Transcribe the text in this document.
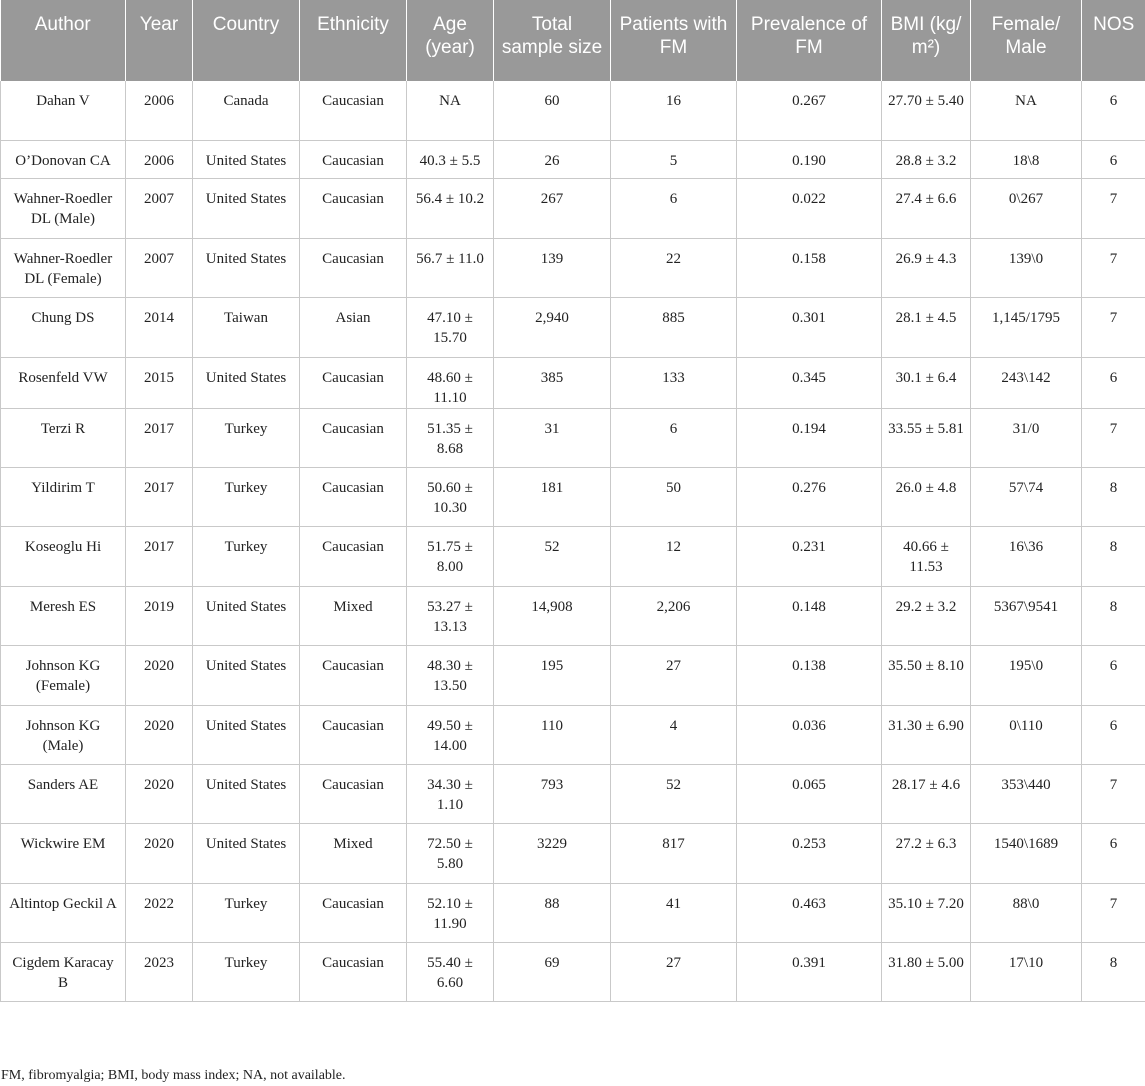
Author	Year	Country	Ethnicity	Age (year)	Total sample size	Patients with FM	Prevalence of FM	BMI (kg/ m²)	Female/ Male	NOS
Dahan V	2006	Canada	Caucasian	NA	60	16	0.267	27.70 ± 5.40	NA	6
O’Donovan CA	2006	United States	Caucasian	40.3 ± 5.5	26	5	0.190	28.8 ± 3.2	18\8	6
Wahner-Roedler DL (Male)	2007	United States	Caucasian	56.4 ± 10.2	267	6	0.022	27.4 ± 6.6	0\267	7
Wahner-Roedler DL (Female)	2007	United States	Caucasian	56.7 ± 11.0	139	22	0.158	26.9 ± 4.3	139\0	7
Chung DS	2014	Taiwan	Asian	47.10 ± 15.70	2,940	885	0.301	28.1 ± 4.5	1,145/1795	7
Rosenfeld VW	2015	United States	Caucasian	48.60 ± 11.10	385	133	0.345	30.1 ± 6.4	243\142	6
Terzi R	2017	Turkey	Caucasian	51.35 ± 8.68	31	6	0.194	33.55 ± 5.81	31/0	7
Yildirim T	2017	Turkey	Caucasian	50.60 ± 10.30	181	50	0.276	26.0 ± 4.8	57\74	8
Koseoglu Hi	2017	Turkey	Caucasian	51.75 ± 8.00	52	12	0.231	40.66 ± 11.53	16\36	8
Meresh ES	2019	United States	Mixed	53.27 ± 13.13	14,908	2,206	0.148	29.2 ± 3.2	5367\9541	8
Johnson KG (Female)	2020	United States	Caucasian	48.30 ± 13.50	195	27	0.138	35.50 ± 8.10	195\0	6
Johnson KG (Male)	2020	United States	Caucasian	49.50 ± 14.00	110	4	0.036	31.30 ± 6.90	0\110	6
Sanders AE	2020	United States	Caucasian	34.30 ± 1.10	793	52	0.065	28.17 ± 4.6	353\440	7
Wickwire EM	2020	United States	Mixed	72.50 ± 5.80	3229	817	0.253	27.2 ± 6.3	1540\1689	6
Altintop Geckil A	2022	Turkey	Caucasian	52.10 ± 11.90	88	41	0.463	35.10 ± 7.20	88\0	7
Cigdem Karacay B	2023	Turkey	Caucasian	55.40 ± 6.60	69	27	0.391	31.80 ± 5.00	17\10	8

FM, fibromyalgia; BMI, body mass index; NA, not available.
